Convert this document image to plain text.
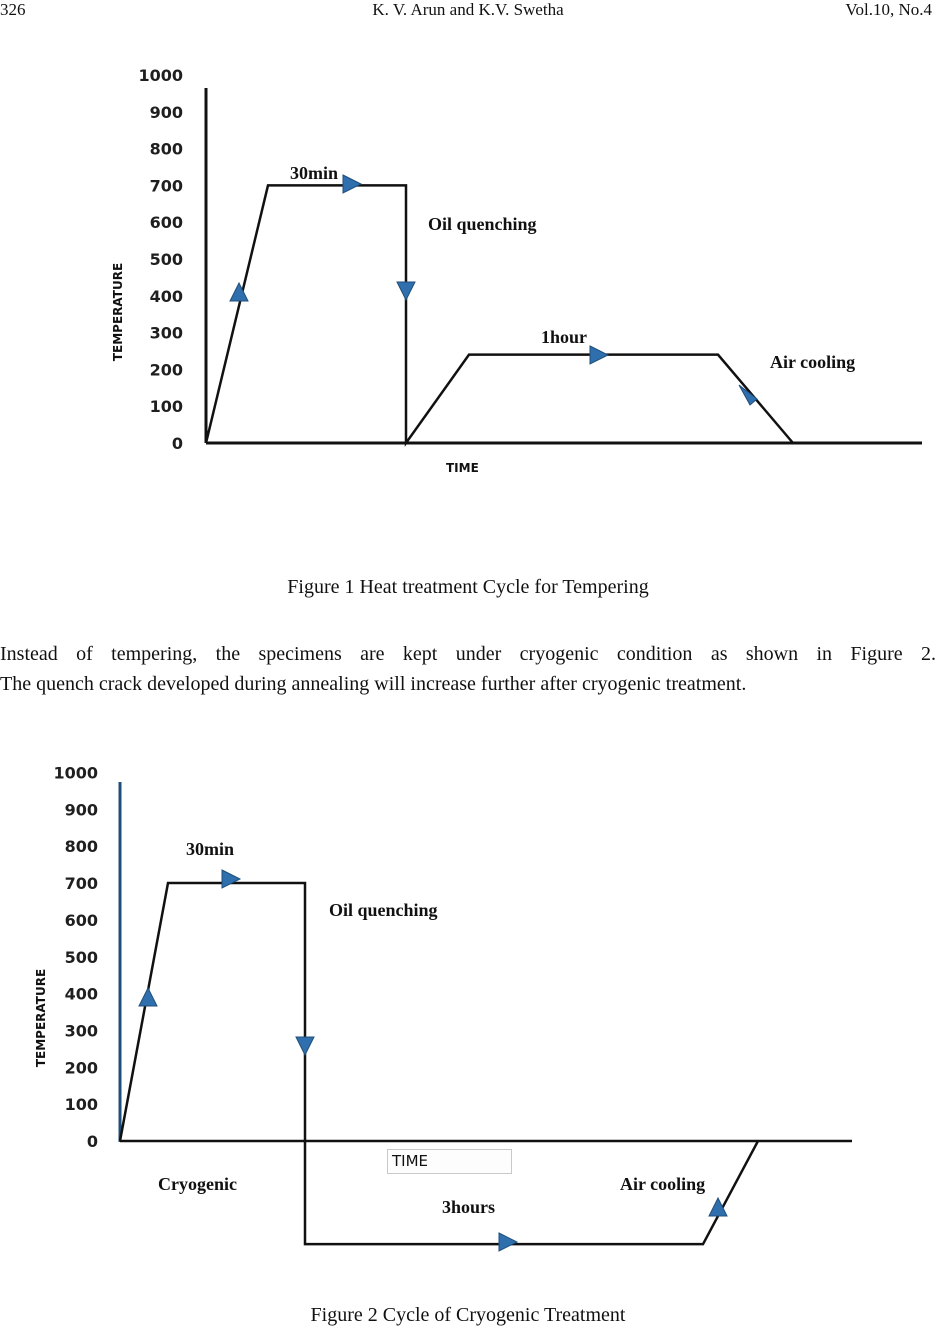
326	K. V. Arun and K.V. Swetha	Vol.10, No.4
1000
900
800
700
600
500
400
300
200
100
0
TEMPERATURE
TIME
30min
Oil quenching
1hour
Air cooling
Figure 1 Heat treatment Cycle for Tempering
Instead of tempering, the specimens are kept under cryogenic condition as shown in Figure 2.
The quench crack developed during annealing will increase further after cryogenic treatment.
1000
900
800
700
600
500
400
300
200
100
0
TEMPERATURE
30min
Oil quenching
Cryogenic
3hours
Air cooling
TIME
Figure 2 Cycle of Cryogenic Treatment
